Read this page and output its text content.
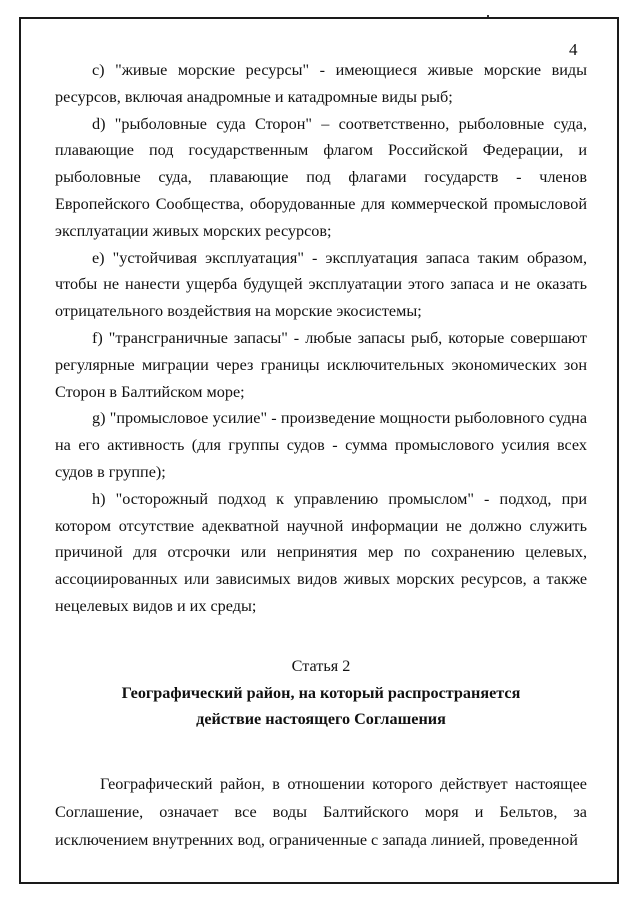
4

с) "живые морские ресурсы" - имеющиеся живые морские виды ресурсов, включая анадромные и катадромные виды рыб;

d) "рыболовные суда Сторон" – соответственно, рыболовные суда, плавающие под государственным флагом Российской Федерации, и рыболовные суда, плавающие под флагами государств - членов Европейского Сообщества, оборудованные для коммерческой промысловой эксплуатации живых морских ресурсов;

е) "устойчивая эксплуатация" - эксплуатация запаса таким образом, чтобы не нанести ущерба будущей эксплуатации этого запаса и не оказать отрицательного воздействия на морские экосистемы;

f) "трансграничные запасы" - любые запасы рыб, которые совершают регулярные миграции через границы исключительных экономических зон Сторон в Балтийском море;

g) "промысловое усилие" - произведение мощности рыболовного судна на его активность (для группы судов - сумма промыслового усилия всех судов в группе);

h) "осторожный подход к управлению промыслом" - подход, при котором отсутствие адекватной научной информации не должно служить причиной для отсрочки или непринятия мер по сохранению целевых, ассоциированных или зависимых видов живых морских ресурсов, а также нецелевых видов и их среды;

Статья 2

Географический район, на который распространяется
действие настоящего Соглашения

Географический район, в отношении которого действует настоящее Соглашение, означает все воды Балтийского моря и Бельтов, за исключением внутренних вод, ограниченные с запада линией, проведенной
